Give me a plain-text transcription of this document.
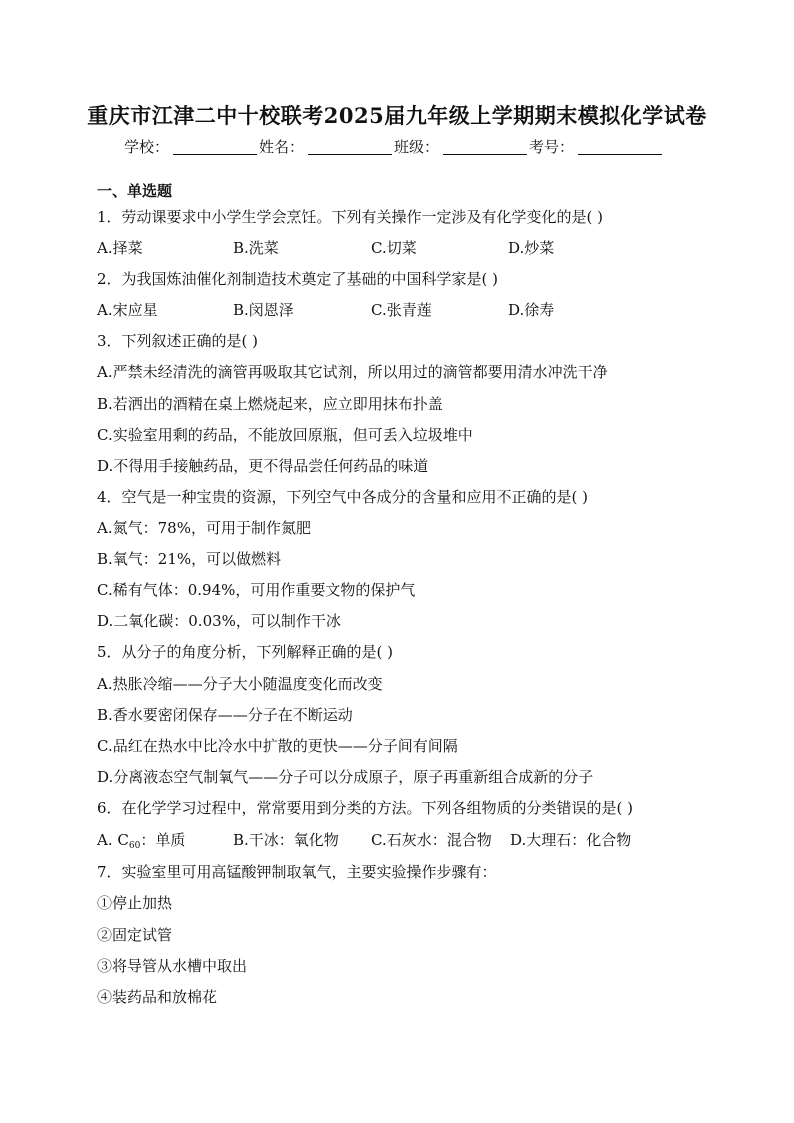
重庆市江津二中十校联考2025届九年级上学期期末模拟化学试卷
学校：	姓名：	班级：	考号：
一、单选题
1．劳动课要求中小学生学会烹饪。下列有关操作一定涉及有化学变化的是( )
A.择菜	B.洗菜	C.切菜	D.炒菜
2．为我国炼油催化剂制造技术奠定了基础的中国科学家是( )
A.宋应星	B.闵恩泽	C.张青莲	D.徐寿
3．下列叙述正确的是( )
A.严禁未经清洗的滴管再吸取其它试剂，所以用过的滴管都要用清水冲洗干净
B.若洒出的酒精在桌上燃烧起来，应立即用抹布扑盖
C.实验室用剩的药品，不能放回原瓶，但可丢入垃圾堆中
D.不得用手接触药品，更不得品尝任何药品的味道
4．空气是一种宝贵的资源，下列空气中各成分的含量和应用不正确的是( )
A.氮气：78%，可用于制作氮肥
B.氧气：21%，可以做燃料
C.稀有气体：0.94%，可用作重要文物的保护气
D.二氧化碳：0.03%，可以制作干冰
5．从分子的角度分析，下列解释正确的是( )
A.热胀冷缩——分子大小随温度变化而改变
B.香水要密闭保存——分子在不断运动
C.品红在热水中比冷水中扩散的更快——分子间有间隔
D.分离液态空气制氧气——分子可以分成原子，原子再重新组合成新的分子
6．在化学学习过程中，常常要用到分类的方法。下列各组物质的分类错误的是( )
A. $C_{60}$：单质	B.干冰：氧化物 C.石灰水：混合物 D.大理石：化合物
7．实验室里可用高锰酸钾制取氧气，主要实验操作步骤有：
①停止加热
②固定试管
③将导管从水槽中取出
④装药品和放棉花
